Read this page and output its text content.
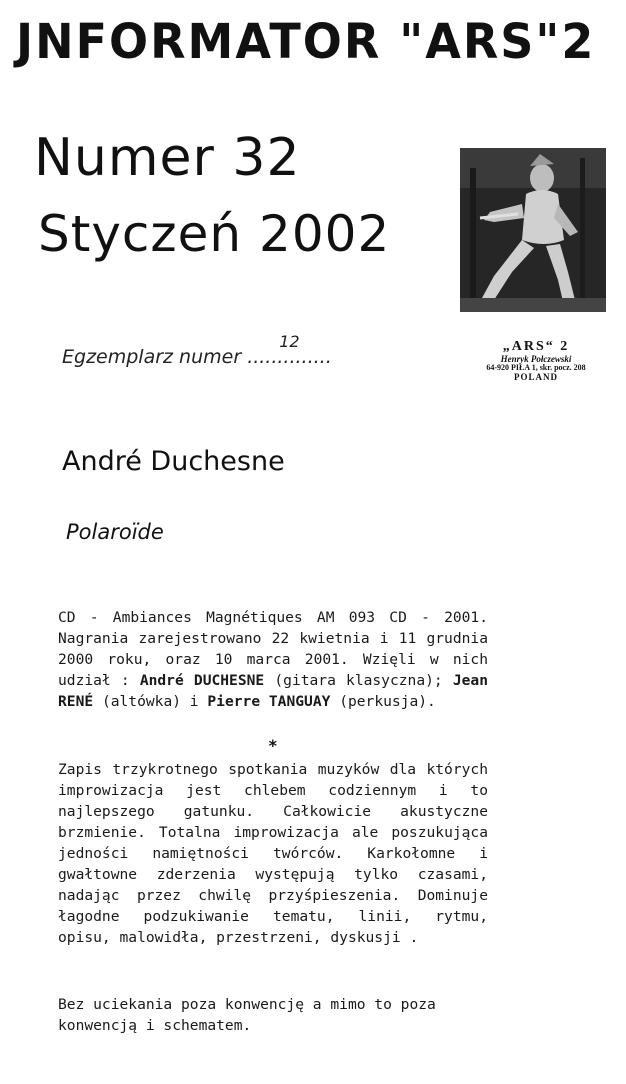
JNFORMATOR "ARS"2
Numer 32
Styczeń 2002
Egzemplarz numer ..............
12	„ARS“ 2
Henryk Połczewski
64-920 PIŁA 1, skr. pocz. 208
POLAND
André Duchesne
Polaroïde
CD - Ambiances Magnétiques AM 093 CD - 2001. Nagrania zarejestrowano 22 kwietnia i 11 grudnia 2000 roku, oraz 10 marca 2001. Wzięli w nich udział : André DUCHESNE (gitara klasyczna); Jean RENÉ (altówka) i Pierre TANGUAY (perkusja).
*
Zapis trzykrotnego spotkania muzyków dla których improwizacja jest chlebem codziennym i to najlepszego gatunku. Całkowicie akustyczne brzmienie. Totalna improwizacja ale poszukująca jedności namiętności twórców. Karkołomne i gwałtowne zderzenia występują tylko czasami, nadając przez chwilę przyśpieszenia. Dominuje łagodne podzukiwanie tematu, linii, rytmu, opisu, malowidła, przestrzeni, dyskusji .
Bez uciekania poza konwencję a mimo to poza konwencją i schematem.
